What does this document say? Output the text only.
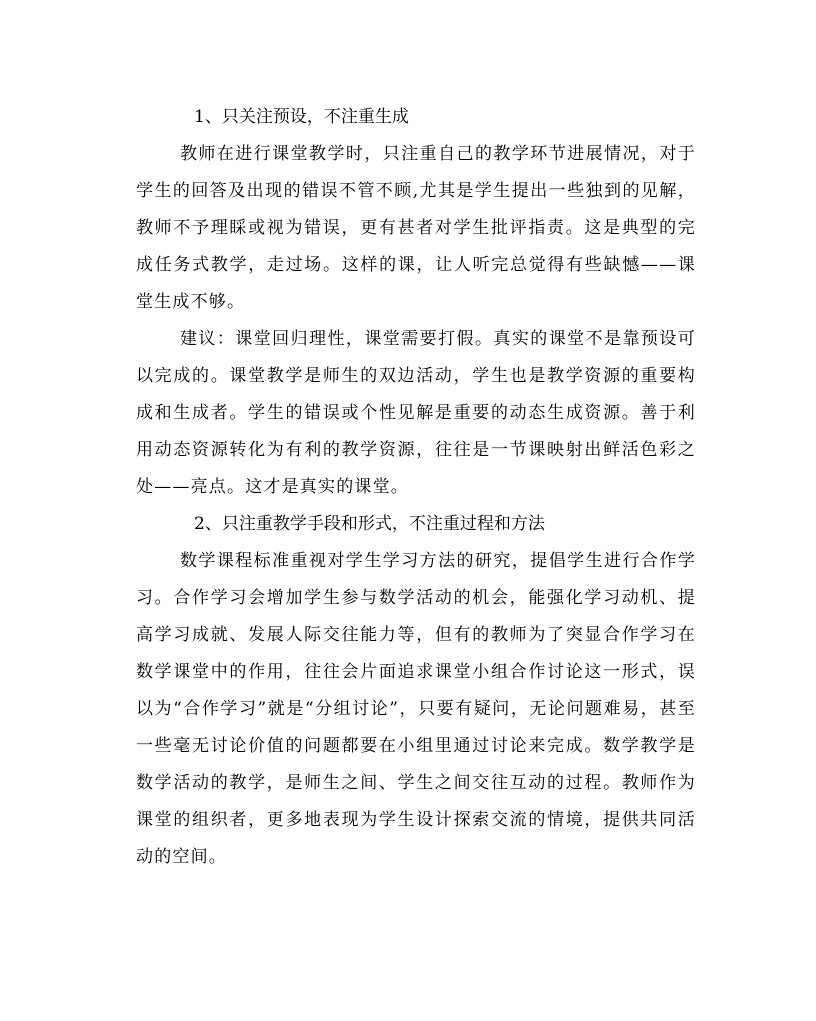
1、只关注预设，不注重生成

教师在进行课堂教学时，只注重自己的教学环节进展情况，对于学生的回答及出现的错误不管不顾,尤其是学生提出一些独到的见解，教师不予理睬或视为错误，更有甚者对学生批评指责。这是典型的完成任务式教学，走过场。这样的课，让人听完总觉得有些缺憾——课堂生成不够。

建议：课堂回归理性，课堂需要打假。真实的课堂不是靠预设可以完成的。课堂教学是师生的双边活动，学生也是教学资源的重要构成和生成者。学生的错误或个性见解是重要的动态生成资源。善于利用动态资源转化为有利的教学资源，往往是一节课映射出鲜活色彩之处——亮点。这才是真实的课堂。

2、只注重教学手段和形式，不注重过程和方法

数学课程标准重视对学生学习方法的研究，提倡学生进行合作学习。合作学习会增加学生参与数学活动的机会，能强化学习动机、提高学习成就、发展人际交往能力等，但有的教师为了突显合作学习在数学课堂中的作用，往往会片面追求课堂小组合作讨论这一形式，误以为“合作学习”就是“分组讨论”，只要有疑问，无论问题难易，甚至一些毫无讨论价值的问题都要在小组里通过讨论来完成。数学教学是数学活动的教学，是师生之间、学生之间交往互动的过程。教师作为课堂的组织者，更多地表现为学生设计探索交流的情境，提供共同活动的空间。
